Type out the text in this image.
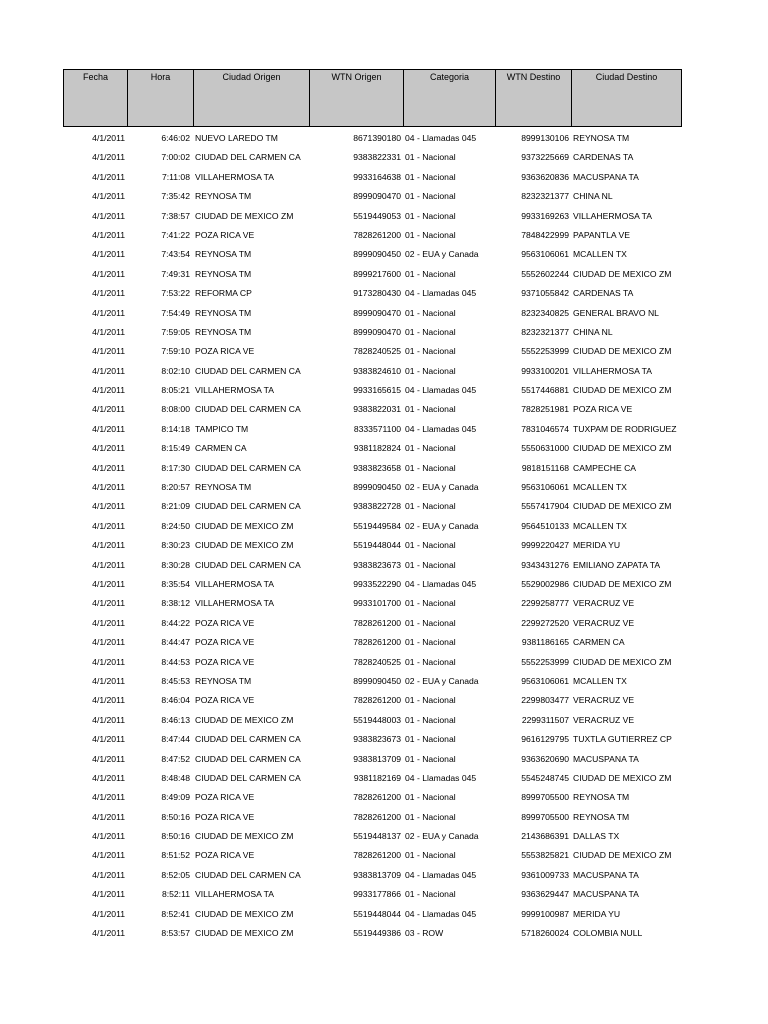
Fecha	Hora	Ciudad Origen	WTN Origen	Categoria	WTN Destino	Ciudad Destino
4/1/2011	6:46:02 NUEVO LAREDO TM	8671390180 04 - Llamadas 045	8999130106 REYNOSA TM
4/1/2011	7:00:02 CIUDAD DEL CARMEN CA	9383822331 01 - Nacional	9373225669 CARDENAS TA
4/1/2011	7:11:08 VILLAHERMOSA TA	9933164638 01 - Nacional	9363620836 MACUSPANA TA
4/1/2011	7:35:42 REYNOSA TM	8999090470 01 - Nacional	8232321377 CHINA NL
4/1/2011	7:38:57 CIUDAD DE MEXICO ZM	5519449053 01 - Nacional	9933169263 VILLAHERMOSA TA
4/1/2011	7:41:22 POZA RICA VE	7828261200 01 - Nacional	7848422999 PAPANTLA VE
4/1/2011	7:43:54 REYNOSA TM	8999090450 02 - EUA y Canada	9563106061 MCALLEN TX
4/1/2011	7:49:31 REYNOSA TM	8999217600 01 - Nacional	5552602244 CIUDAD DE MEXICO ZM
4/1/2011	7:53:22 REFORMA CP	9173280430 04 - Llamadas 045	9371055842 CARDENAS TA
4/1/2011	7:54:49 REYNOSA TM	8999090470 01 - Nacional	8232340825 GENERAL BRAVO NL
4/1/2011	7:59:05 REYNOSA TM	8999090470 01 - Nacional	8232321377 CHINA NL
4/1/2011	7:59:10 POZA RICA VE	7828240525 01 - Nacional	5552253999 CIUDAD DE MEXICO ZM
4/1/2011	8:02:10 CIUDAD DEL CARMEN CA	9383824610 01 - Nacional	9933100201 VILLAHERMOSA TA
4/1/2011	8:05:21 VILLAHERMOSA TA	9933165615 04 - Llamadas 045	5517446881 CIUDAD DE MEXICO ZM
4/1/2011	8:08:00 CIUDAD DEL CARMEN CA	9383822031 01 - Nacional	7828251981 POZA RICA VE
4/1/2011	8:14:18 TAMPICO TM	8333571100 04 - Llamadas 045	7831046574 TUXPAM DE RODRIGUEZ
4/1/2011	8:15:49 CARMEN CA	9381182824 01 - Nacional	5550631000 CIUDAD DE MEXICO ZM
4/1/2011	8:17:30 CIUDAD DEL CARMEN CA	9383823658 01 - Nacional	9818151168 CAMPECHE CA
4/1/2011	8:20:57 REYNOSA TM	8999090450 02 - EUA y Canada	9563106061 MCALLEN TX
4/1/2011	8:21:09 CIUDAD DEL CARMEN CA	9383822728 01 - Nacional	5557417904 CIUDAD DE MEXICO ZM
4/1/2011	8:24:50 CIUDAD DE MEXICO ZM	5519449584 02 - EUA y Canada	9564510133 MCALLEN TX
4/1/2011	8:30:23 CIUDAD DE MEXICO ZM	5519448044 01 - Nacional	9999220427 MERIDA YU
4/1/2011	8:30:28 CIUDAD DEL CARMEN CA	9383823673 01 - Nacional	9343431276 EMILIANO ZAPATA TA
4/1/2011	8:35:54 VILLAHERMOSA TA	9933522290 04 - Llamadas 045	5529002986 CIUDAD DE MEXICO ZM
4/1/2011	8:38:12 VILLAHERMOSA TA	9933101700 01 - Nacional	2299258777 VERACRUZ VE
4/1/2011	8:44:22 POZA RICA VE	7828261200 01 - Nacional	2299272520 VERACRUZ VE
4/1/2011	8:44:47 POZA RICA VE	7828261200 01 - Nacional	9381186165 CARMEN CA
4/1/2011	8:44:53 POZA RICA VE	7828240525 01 - Nacional	5552253999 CIUDAD DE MEXICO ZM
4/1/2011	8:45:53 REYNOSA TM	8999090450 02 - EUA y Canada	9563106061 MCALLEN TX
4/1/2011	8:46:04 POZA RICA VE	7828261200 01 - Nacional	2299803477 VERACRUZ VE
4/1/2011	8:46:13 CIUDAD DE MEXICO ZM	5519448003 01 - Nacional	2299311507 VERACRUZ VE
4/1/2011	8:47:44 CIUDAD DEL CARMEN CA	9383823673 01 - Nacional	9616129795 TUXTLA GUTIERREZ CP
4/1/2011	8:47:52 CIUDAD DEL CARMEN CA	9383813709 01 - Nacional	9363620690 MACUSPANA TA
4/1/2011	8:48:48 CIUDAD DEL CARMEN CA	9381182169 04 - Llamadas 045	5545248745 CIUDAD DE MEXICO ZM
4/1/2011	8:49:09 POZA RICA VE	7828261200 01 - Nacional	8999705500 REYNOSA TM
4/1/2011	8:50:16 POZA RICA VE	7828261200 01 - Nacional	8999705500 REYNOSA TM
4/1/2011	8:50:16 CIUDAD DE MEXICO ZM	5519448137 02 - EUA y Canada	2143686391 DALLAS TX
4/1/2011	8:51:52 POZA RICA VE	7828261200 01 - Nacional	5553825821 CIUDAD DE MEXICO ZM
4/1/2011	8:52:05 CIUDAD DEL CARMEN CA	9383813709 04 - Llamadas 045	9361009733 MACUSPANA TA
4/1/2011	8:52:11 VILLAHERMOSA TA	9933177866 01 - Nacional	9363629447 MACUSPANA TA
4/1/2011	8:52:41 CIUDAD DE MEXICO ZM	5519448044 04 - Llamadas 045	9999100987 MERIDA YU
4/1/2011	8:53:57 CIUDAD DE MEXICO ZM	5519449386 03 - ROW	5718260024 COLOMBIA NULL
